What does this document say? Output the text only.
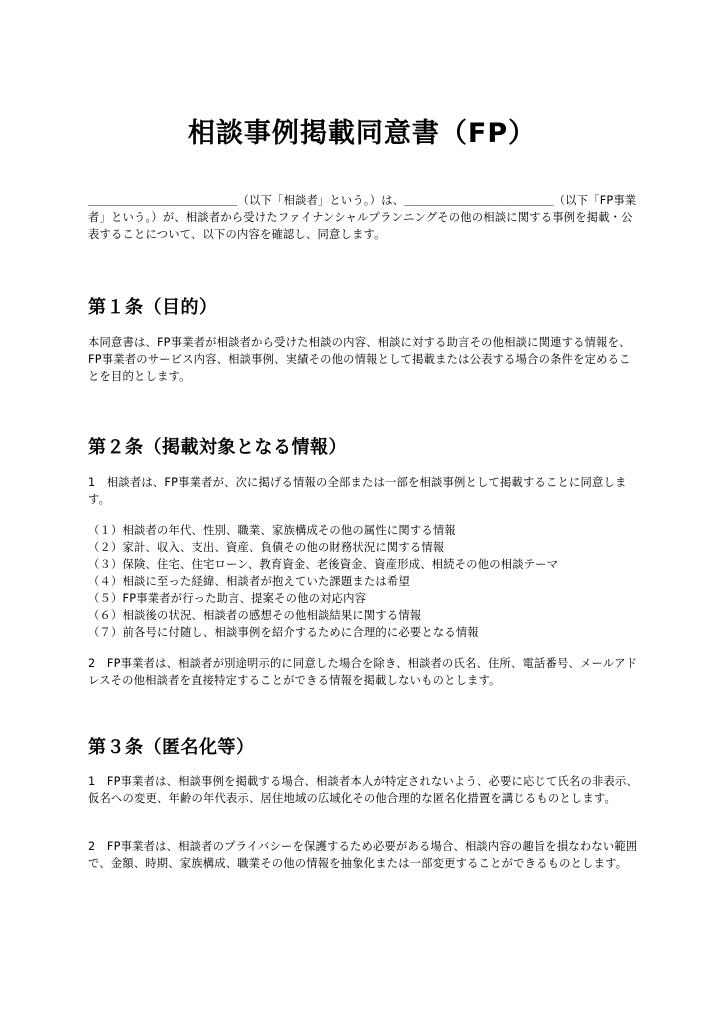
相談事例掲載同意書（FP）

＿＿＿＿＿＿＿＿＿＿＿＿＿（以下「相談者」という。）は、＿＿＿＿＿＿＿＿＿＿＿＿＿（以下「FP事業者」という。）が、相談者から受けたファイナンシャルプランニングその他の相談に関する事例を掲載・公表することについて、以下の内容を確認し、同意します。

第１条（目的）

本同意書は、FP事業者が相談者から受けた相談の内容、相談に対する助言その他相談に関連する情報を、FP事業者のサービス内容、相談事例、実績その他の情報として掲載または公表する場合の条件を定めることを目的とします。

第２条（掲載対象となる情報）

1　相談者は、FP事業者が、次に掲げる情報の全部または一部を相談事例として掲載することに同意します。

（１）相談者の年代、性別、職業、家族構成その他の属性に関する情報
（２）家計、収入、支出、資産、負債その他の財務状況に関する情報
（３）保険、住宅、住宅ローン、教育資金、老後資金、資産形成、相続その他の相談テーマ
（４）相談に至った経緯、相談者が抱えていた課題または希望
（５）FP事業者が行った助言、提案その他の対応内容
（６）相談後の状況、相談者の感想その他相談結果に関する情報
（７）前各号に付随し、相談事例を紹介するために合理的に必要となる情報

2　FP事業者は、相談者が別途明示的に同意した場合を除き、相談者の氏名、住所、電話番号、メールアドレスその他相談者を直接特定することができる情報を掲載しないものとします。

第３条（匿名化等）

1　FP事業者は、相談事例を掲載する場合、相談者本人が特定されないよう、必要に応じて氏名の非表示、仮名への変更、年齢の年代表示、居住地域の広域化その他合理的な匿名化措置を講じるものとします。

2　FP事業者は、相談者のプライバシーを保護するため必要がある場合、相談内容の趣旨を損なわない範囲で、金額、時期、家族構成、職業その他の情報を抽象化または一部変更することができるものとします。
